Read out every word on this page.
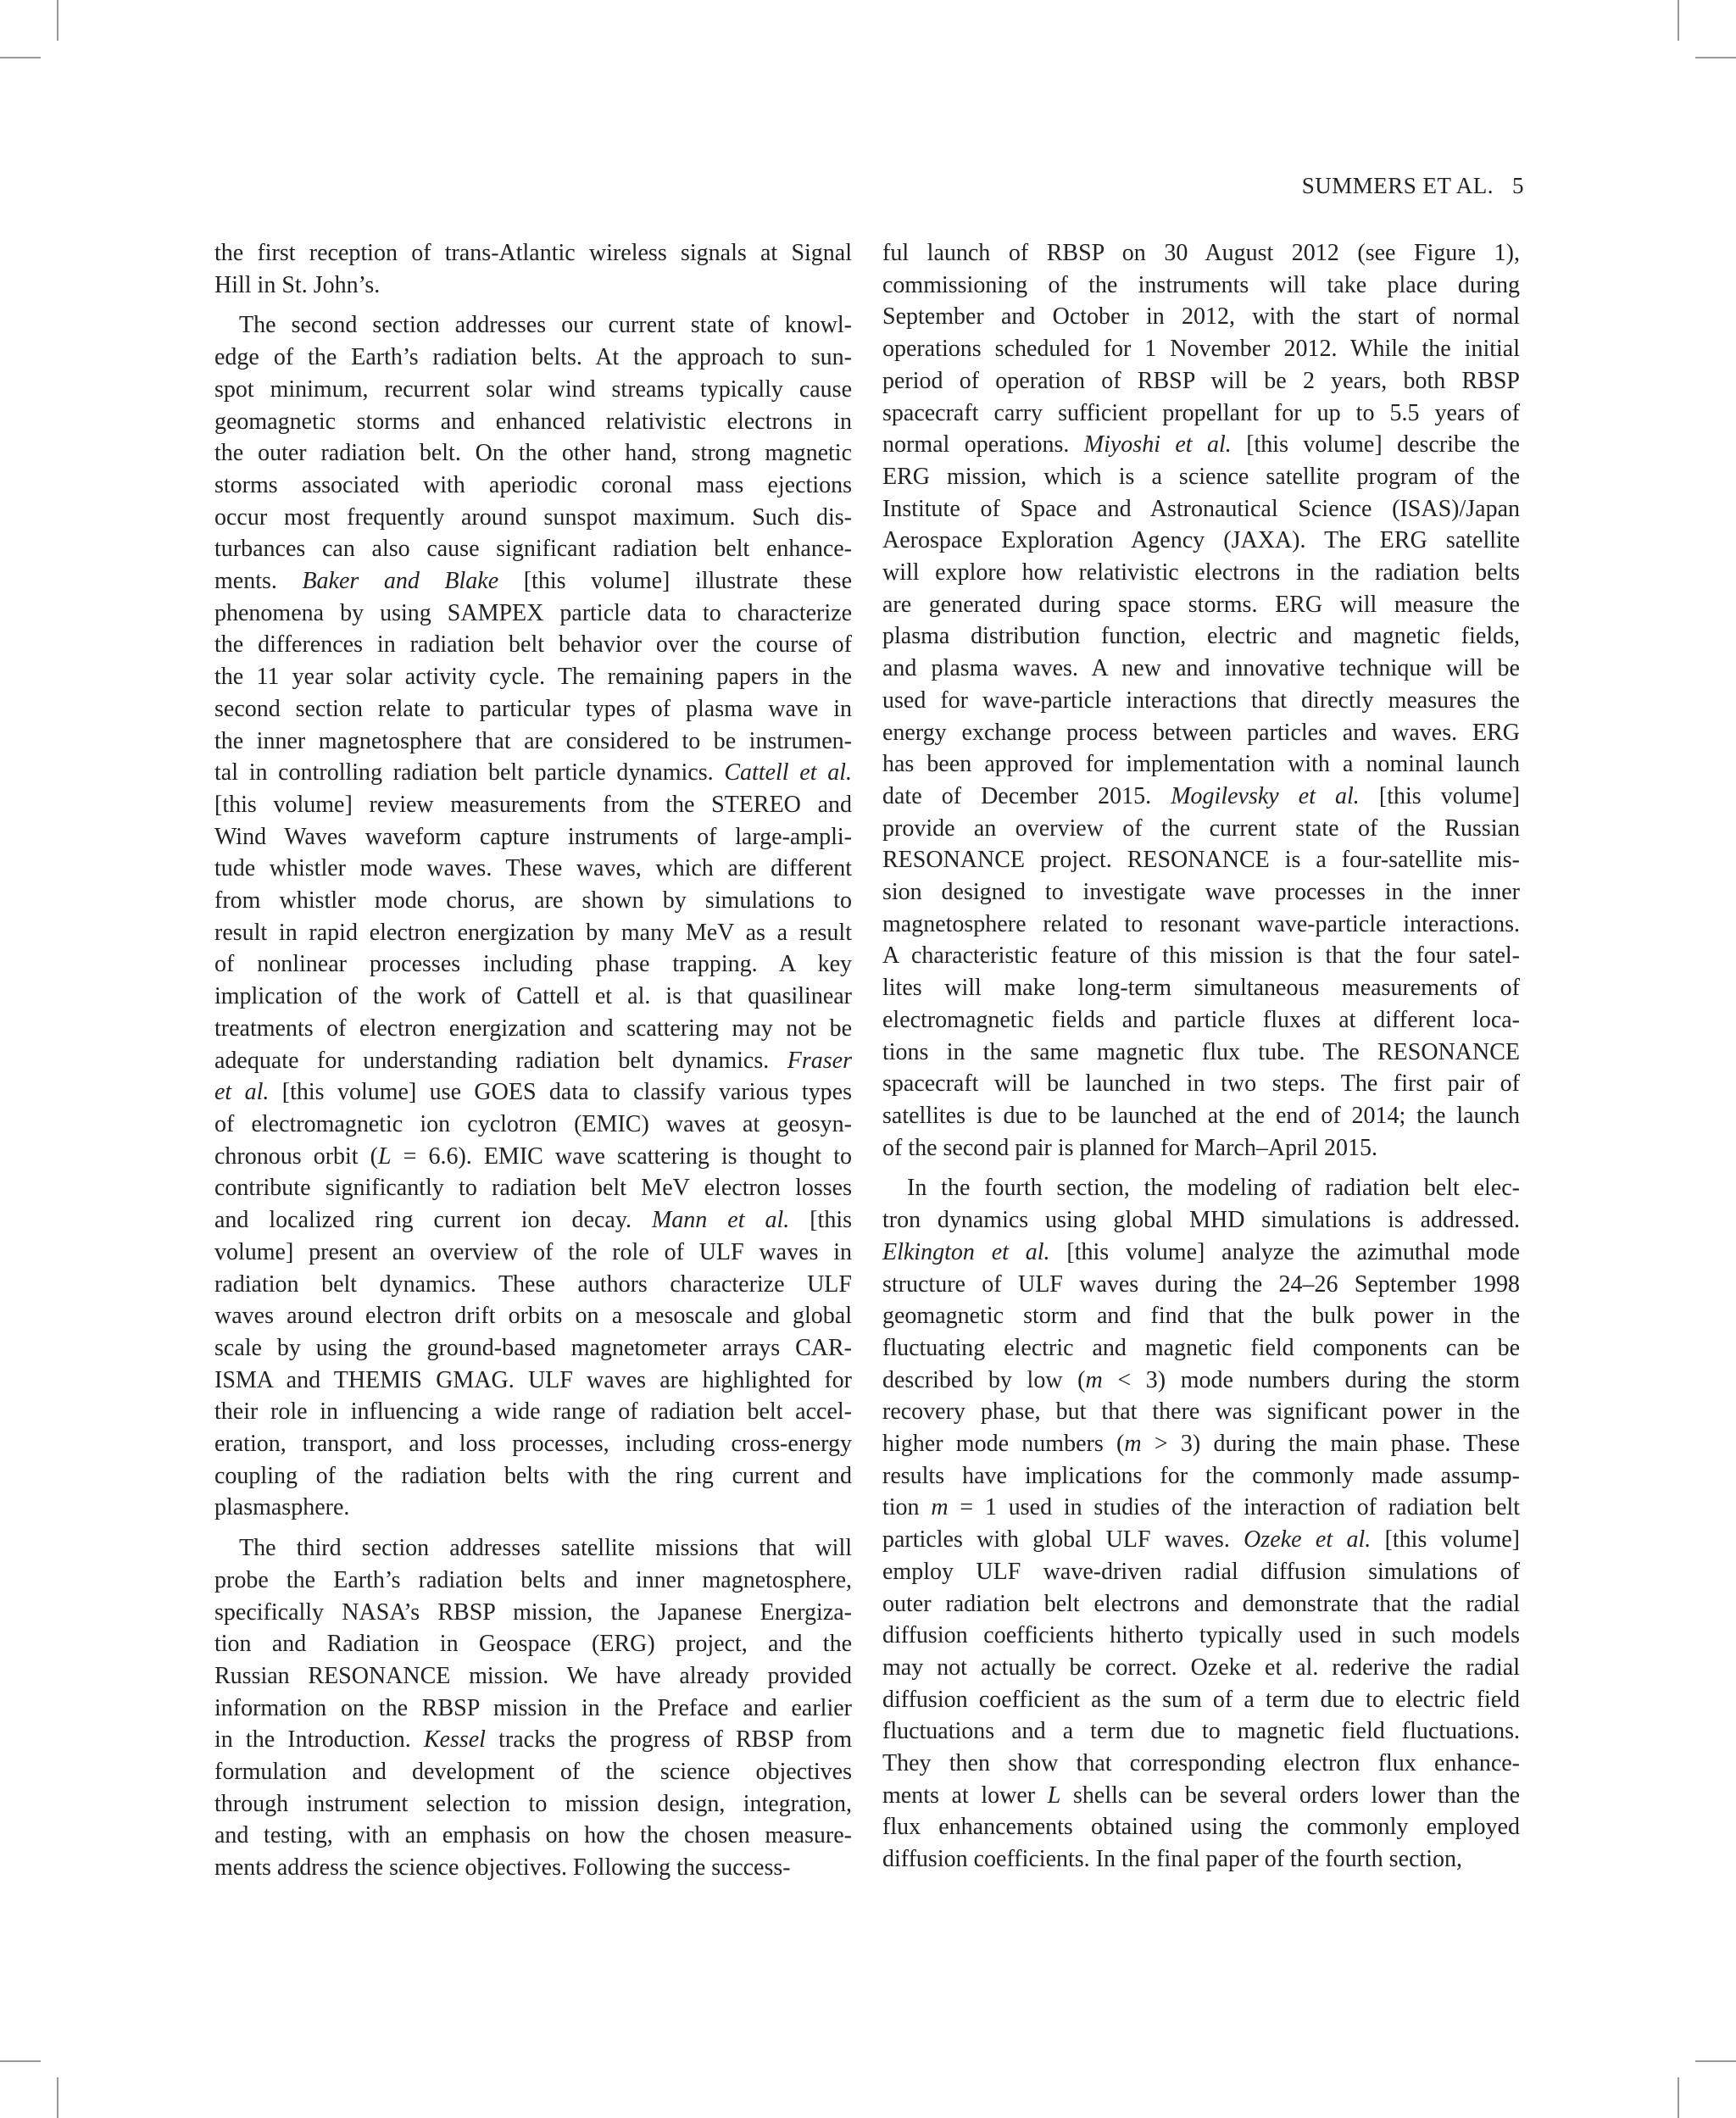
SUMMERS ET AL. 5

the first reception of trans-Atlantic wireless signals at Signal
Hill in St. John’s.

The second section addresses our current state of knowl-
edge of the Earth’s radiation belts. At the approach to sun-
spot minimum, recurrent solar wind streams typically cause
geomagnetic storms and enhanced relativistic electrons in
the outer radiation belt. On the other hand, strong magnetic
storms associated with aperiodic coronal mass ejections
occur most frequently around sunspot maximum. Such dis-
turbances can also cause significant radiation belt enhance-
ments. Baker and Blake [this volume] illustrate these
phenomena by using SAMPEX particle data to characterize
the differences in radiation belt behavior over the course of
the 11 year solar activity cycle. The remaining papers in the
second section relate to particular types of plasma wave in
the inner magnetosphere that are considered to be instrumen-
tal in controlling radiation belt particle dynamics. Cattell et al.
[this volume] review measurements from the STEREO and
Wind Waves waveform capture instruments of large-ampli-
tude whistler mode waves. These waves, which are different
from whistler mode chorus, are shown by simulations to
result in rapid electron energization by many MeV as a result
of nonlinear processes including phase trapping. A key
implication of the work of Cattell et al. is that quasilinear
treatments of electron energization and scattering may not be
adequate for understanding radiation belt dynamics. Fraser
et al. [this volume] use GOES data to classify various types
of electromagnetic ion cyclotron (EMIC) waves at geosyn-
chronous orbit (L = 6.6). EMIC wave scattering is thought to
contribute significantly to radiation belt MeV electron losses
and localized ring current ion decay. Mann et al. [this
volume] present an overview of the role of ULF waves in
radiation belt dynamics. These authors characterize ULF
waves around electron drift orbits on a mesoscale and global
scale by using the ground-based magnetometer arrays CAR-
ISMA and THEMIS GMAG. ULF waves are highlighted for
their role in influencing a wide range of radiation belt accel-
eration, transport, and loss processes, including cross-energy
coupling of the radiation belts with the ring current and
plasmasphere.

The third section addresses satellite missions that will
probe the Earth’s radiation belts and inner magnetosphere,
specifically NASA’s RBSP mission, the Japanese Energiza-
tion and Radiation in Geospace (ERG) project, and the
Russian RESONANCE mission. We have already provided
information on the RBSP mission in the Preface and earlier
in the Introduction. Kessel tracks the progress of RBSP from
formulation and development of the science objectives
through instrument selection to mission design, integration,
and testing, with an emphasis on how the chosen measure-
ments address the science objectives. Following the success-

ful launch of RBSP on 30 August 2012 (see Figure 1),
commissioning of the instruments will take place during
September and October in 2012, with the start of normal
operations scheduled for 1 November 2012. While the initial
period of operation of RBSP will be 2 years, both RBSP
spacecraft carry sufficient propellant for up to 5.5 years of
normal operations. Miyoshi et al. [this volume] describe the
ERG mission, which is a science satellite program of the
Institute of Space and Astronautical Science (ISAS)/Japan
Aerospace Exploration Agency (JAXA). The ERG satellite
will explore how relativistic electrons in the radiation belts
are generated during space storms. ERG will measure the
plasma distribution function, electric and magnetic fields,
and plasma waves. A new and innovative technique will be
used for wave-particle interactions that directly measures the
energy exchange process between particles and waves. ERG
has been approved for implementation with a nominal launch
date of December 2015. Mogilevsky et al. [this volume]
provide an overview of the current state of the Russian
RESONANCE project. RESONANCE is a four-satellite mis-
sion designed to investigate wave processes in the inner
magnetosphere related to resonant wave-particle interactions.
A characteristic feature of this mission is that the four satel-
lites will make long-term simultaneous measurements of
electromagnetic fields and particle fluxes at different loca-
tions in the same magnetic flux tube. The RESONANCE
spacecraft will be launched in two steps. The first pair of
satellites is due to be launched at the end of 2014; the launch
of the second pair is planned for March–April 2015.

In the fourth section, the modeling of radiation belt elec-
tron dynamics using global MHD simulations is addressed.
Elkington et al. [this volume] analyze the azimuthal mode
structure of ULF waves during the 24–26 September 1998
geomagnetic storm and find that the bulk power in the
fluctuating electric and magnetic field components can be
described by low (m < 3) mode numbers during the storm
recovery phase, but that there was significant power in the
higher mode numbers (m > 3) during the main phase. These
results have implications for the commonly made assump-
tion m = 1 used in studies of the interaction of radiation belt
particles with global ULF waves. Ozeke et al. [this volume]
employ ULF wave-driven radial diffusion simulations of
outer radiation belt electrons and demonstrate that the radial
diffusion coefficients hitherto typically used in such models
may not actually be correct. Ozeke et al. rederive the radial
diffusion coefficient as the sum of a term due to electric field
fluctuations and a term due to magnetic field fluctuations.
They then show that corresponding electron flux enhance-
ments at lower L shells can be several orders lower than the
flux enhancements obtained using the commonly employed
diffusion coefficients. In the final paper of the fourth section,
